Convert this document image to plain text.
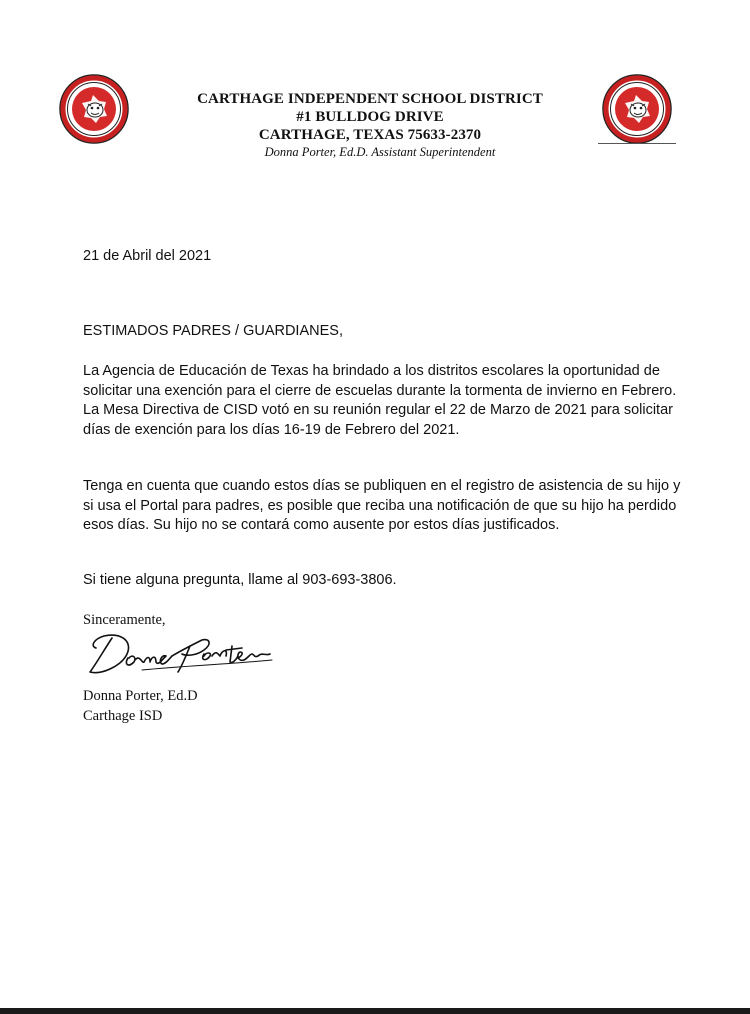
CARTHAGE INDEPENDENT SCHOOL DISTRICT
#1 BULLDOG DRIVE
CARTHAGE, TEXAS 75633-2370
Donna Porter, Ed.D. Assistant Superintendent
21 de Abril del 2021
ESTIMADOS PADRES / GUARDIANES,
La Agencia de Educación de Texas ha brindado a los distritos escolares la oportunidad de solicitar una exención para el cierre de escuelas durante la tormenta de invierno en Febrero. La Mesa Directiva de CISD votó en su reunión regular el 22 de Marzo de 2021 para solicitar días de exención para los días 16-19 de Febrero del 2021.
Tenga en cuenta que cuando estos días se publiquen en el registro de asistencia de su hijo y si usa el Portal para padres, es posible que reciba una notificación de que su hijo ha perdido esos días. Su hijo no se contará como ausente por estos días justificados.
Si tiene alguna pregunta, llame al 903-693-3806.
Sinceramente,
Donna Porter, Ed.D
Carthage ISD
